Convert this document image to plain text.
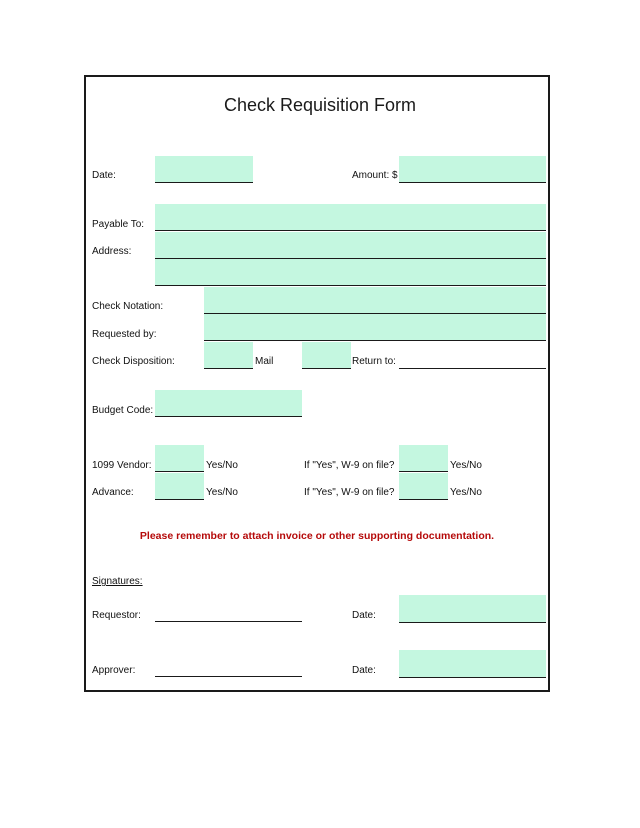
Check Requisition Form
Date:	Amount: $
Payable To:
Address:
Check Notation:
Requested by:
Check Disposition:	Mail	Return to:
Budget Code:
1099 Vendor:	Yes/No	If "Yes", W-9 on file?	Yes/No
Advance:	Yes/No	If "Yes", W-9 on file?	Yes/No
Please remember to attach invoice or other supporting documentation.
Signatures:
Requestor:	Date:
Approver:	Date:
